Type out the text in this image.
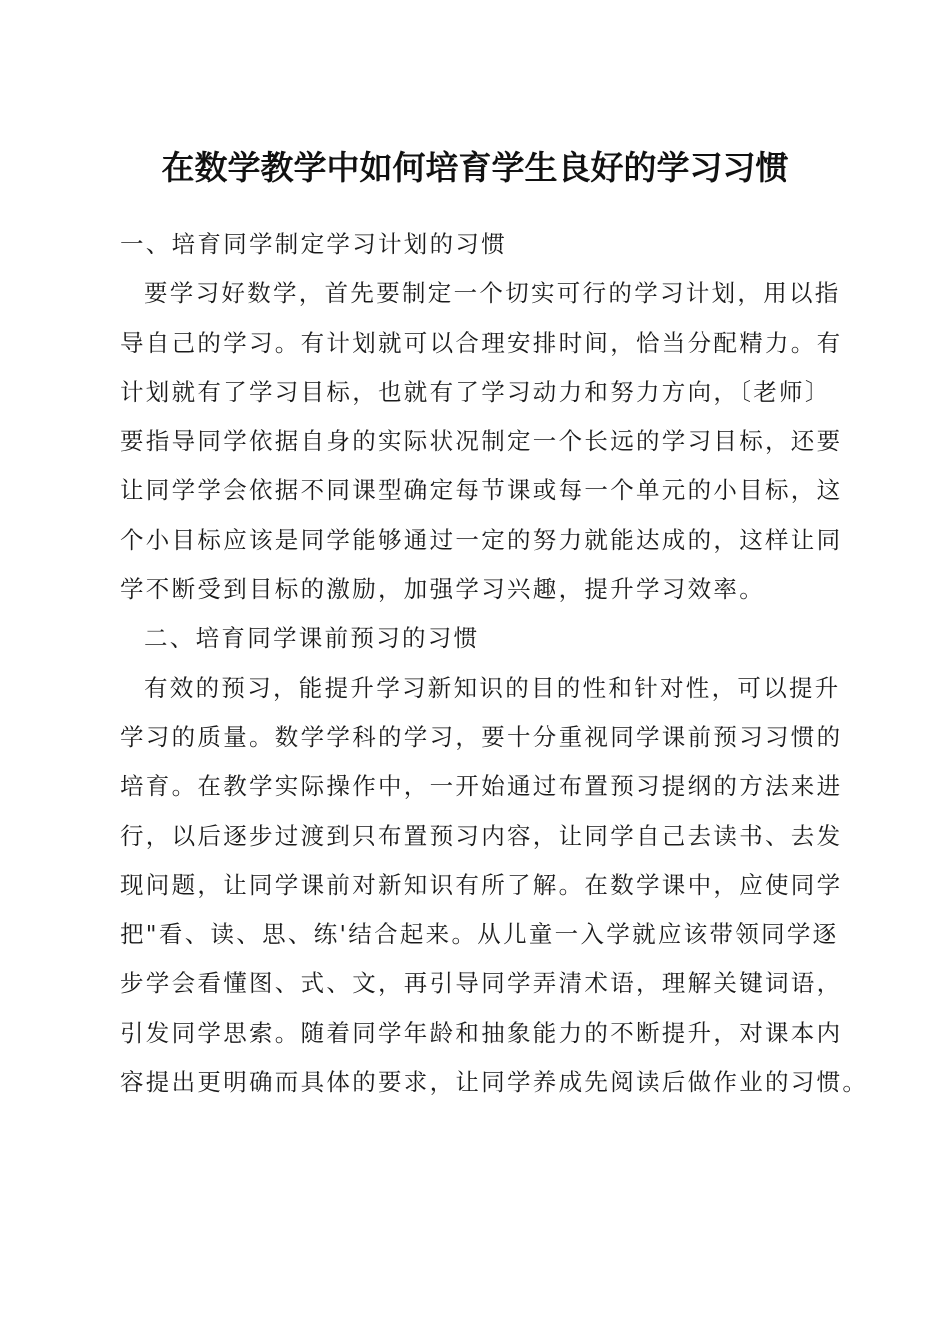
在数学教学中如何培育学生良好的学习习惯
一、培育同学制定学习计划的习惯
要学习好数学，首先要制定一个切实可行的学习计划，用以指
导自己的学习。有计划就可以合理安排时间，恰当分配精力。有
计划就有了学习目标，也就有了学习动力和努力方向，〔老师〕
要指导同学依据自身的实际状况制定一个长远的学习目标，还要
让同学学会依据不同课型确定每节课或每一个单元的小目标，这
个小目标应该是同学能够通过一定的努力就能达成的，这样让同
学不断受到目标的激励，加强学习兴趣，提升学习效率。
二、培育同学课前预习的习惯
有效的预习，能提升学习新知识的目的性和针对性，可以提升
学习的质量。数学学科的学习，要十分重视同学课前预习习惯的
培育。在教学实际操作中，一开始通过布置预习提纲的方法来进
行，以后逐步过渡到只布置预习内容，让同学自己去读书、去发
现问题，让同学课前对新知识有所了解。在数学课中，应使同学
把"看、读、思、练'结合起来。从儿童一入学就应该带领同学逐
步学会看懂图、式、文，再引导同学弄清术语，理解关键词语，
引发同学思索。随着同学年龄和抽象能力的不断提升，对课本内
容提出更明确而具体的要求，让同学养成先阅读后做作业的习惯。
